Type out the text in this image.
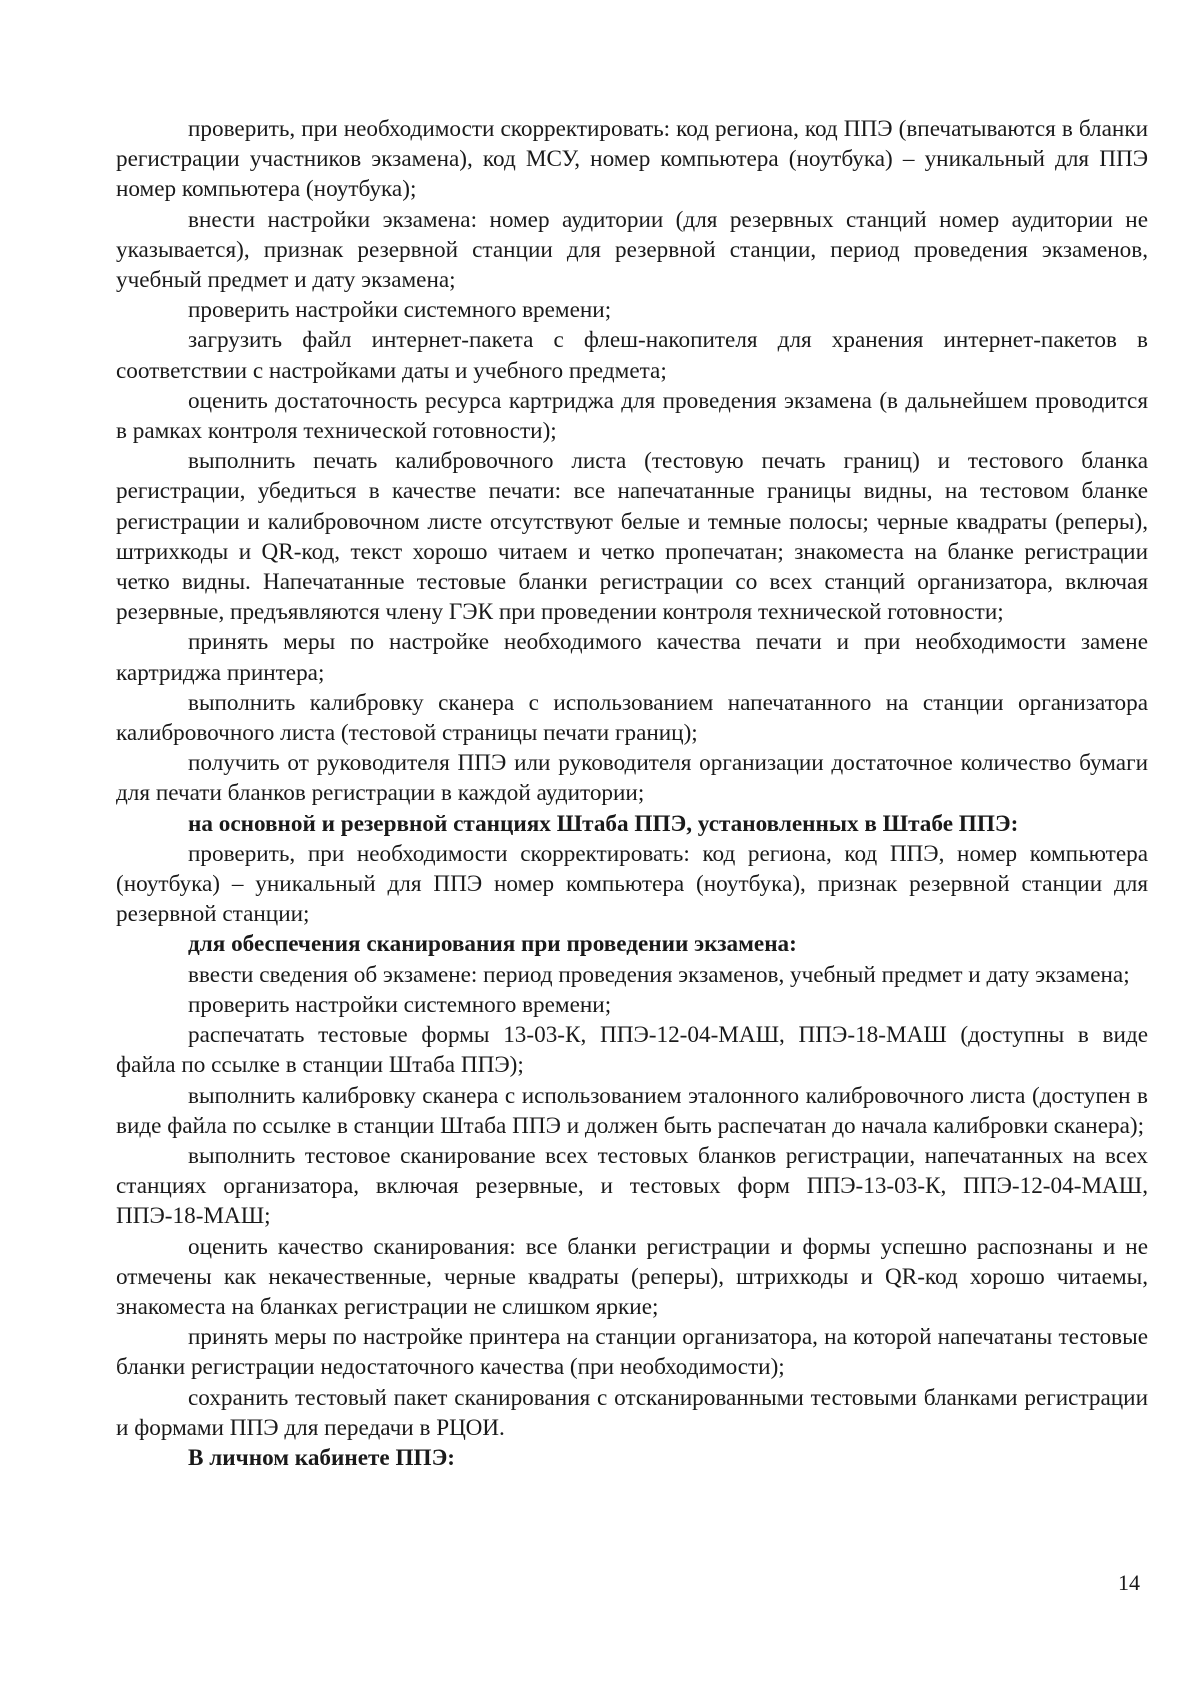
проверить, при необходимости скорректировать: код региона, код ППЭ (впечатываются в бланки регистрации участников экзамена), код МСУ, номер компьютера (ноутбука) – уникальный для ППЭ номер компьютера (ноутбука);

внести настройки экзамена: номер аудитории (для резервных станций номер аудитории не указывается), признак резервной станции для резервной станции, период проведения экзаменов, учебный предмет и дату экзамена;

проверить настройки системного времени;

загрузить файл интернет-пакета с флеш-накопителя для хранения интернет-пакетов в соответствии с настройками даты и учебного предмета;

оценить достаточность ресурса картриджа для проведения экзамена (в дальнейшем проводится в рамках контроля технической готовности);

выполнить печать калибровочного листа (тестовую печать границ) и тестового бланка регистрации, убедиться в качестве печати: все напечатанные границы видны, на тестовом бланке регистрации и калибровочном листе отсутствуют белые и темные полосы; черные квадраты (реперы), штрихкоды и QR-код, текст хорошо читаем и четко пропечатан; знакоместа на бланке регистрации четко видны. Напечатанные тестовые бланки регистрации со всех станций организатора, включая резервные, предъявляются члену ГЭК при проведении контроля технической готовности;

принять меры по настройке необходимого качества печати и при необходимости замене картриджа принтера;

выполнить калибровку сканера с использованием напечатанного на станции организатора калибровочного листа (тестовой страницы печати границ);

получить от руководителя ППЭ или руководителя организации достаточное количество бумаги для печати бланков регистрации в каждой аудитории;

на основной и резервной станциях Штаба ППЭ, установленных в Штабе ППЭ:

проверить, при необходимости скорректировать: код региона, код ППЭ, номер компьютера (ноутбука) – уникальный для ППЭ номер компьютера (ноутбука), признак резервной станции для резервной станции;

для обеспечения сканирования при проведении экзамена:

ввести сведения об экзамене: период проведения экзаменов, учебный предмет и дату экзамена;

проверить настройки системного времени;

распечатать тестовые формы 13-03-К, ППЭ-12-04-МАШ, ППЭ-18-МАШ (доступны в виде файла по ссылке в станции Штаба ППЭ);

выполнить калибровку сканера с использованием эталонного калибровочного листа (доступен в виде файла по ссылке в станции Штаба ППЭ и должен быть распечатан до начала калибровки сканера);

выполнить тестовое сканирование всех тестовых бланков регистрации, напечатанных на всех станциях организатора, включая резервные, и тестовых форм ППЭ-13-03-К, ППЭ-12-04-МАШ, ППЭ-18-МАШ;

оценить качество сканирования: все бланки регистрации и формы успешно распознаны и не отмечены как некачественные, черные квадраты (реперы), штрихкоды и QR-код хорошо читаемы, знакоместа на бланках регистрации не слишком яркие;

принять меры по настройке принтера на станции организатора, на которой напечатаны тестовые бланки регистрации недостаточного качества (при необходимости);

сохранить тестовый пакет сканирования с отсканированными тестовыми бланками регистрации и формами ППЭ для передачи в РЦОИ.

В личном кабинете ППЭ:

14
